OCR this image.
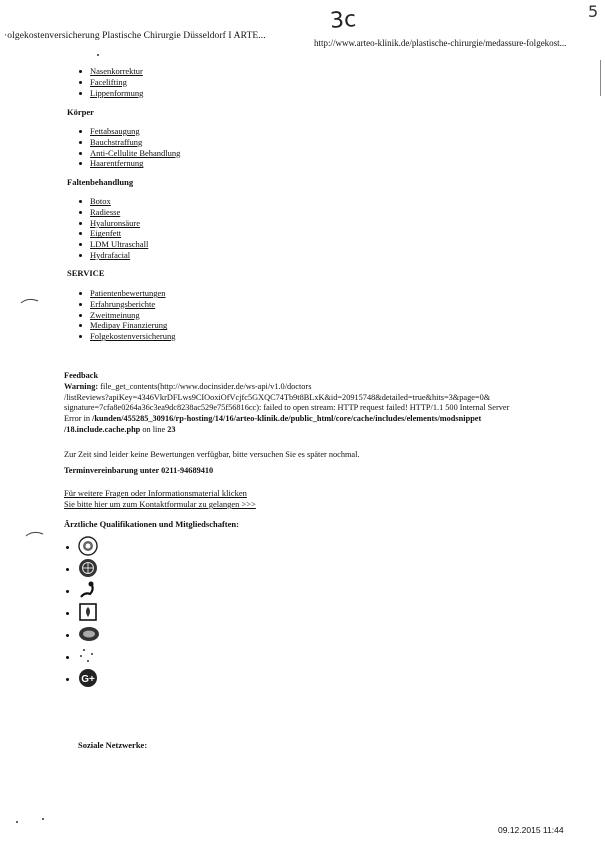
·olgekostenversicherung Plastische Chirurgie Düsseldorf I ARTE...
http://www.arteo-klinik.de/plastische-chirurgie/medassure-folgekost...
3c	5
Nasenkorrektur
Facelifting
Lippenformung
Körper
Fettabsaugung
Bauchstraffung
Anti-Cellulite Behandlung
Haarentfernung
Faltenbehandlung
Botox
Radiesse
Hyaluronsäure
Eigenfett
LDM Ultraschall
Hydrafacial
SERVICE
Patientenbewertungen
Erfahrungsberichte
Zweitmeinung
Medipay Finanzierung
Folgekostenversicherung
Feedback
Warning: file_get_contents(http://www.docinsider.de/ws-api/v1.0/doctors
/listReviews?apiKey=4346VkrDFLws9CIOoxiOfVcjfc5GXQC74Tb9t8BLxK&id=20915748&detailed=true&hits=3&page=0&
signature=7cfa8e0264a36c3ea9dc8238ac529e75f56816cc): failed to open stream: HTTP request failed! HTTP/1.1 500 Internal Server
Error in /kunden/455285_30916/rp-hosting/14/16/arteo-klinik.de/public_html/core/cache/includes/elements/modsnippet
/18.include.cache.php on line 23
Zur Zeit sind leider keine Bewertungen verfügbar, bitte versuchen Sie es später nochmal.
Terminvereinbarung unter 0211-94689410
Für weitere Fragen oder Informationsmaterial klicken
Sie bitte hier um zum Kontaktformular zu gelangen >>>
Ärztliche Qualifikationen und Mitgliedschaften:
G+
Soziale Netzwerke:
09.12.2015 11:44
